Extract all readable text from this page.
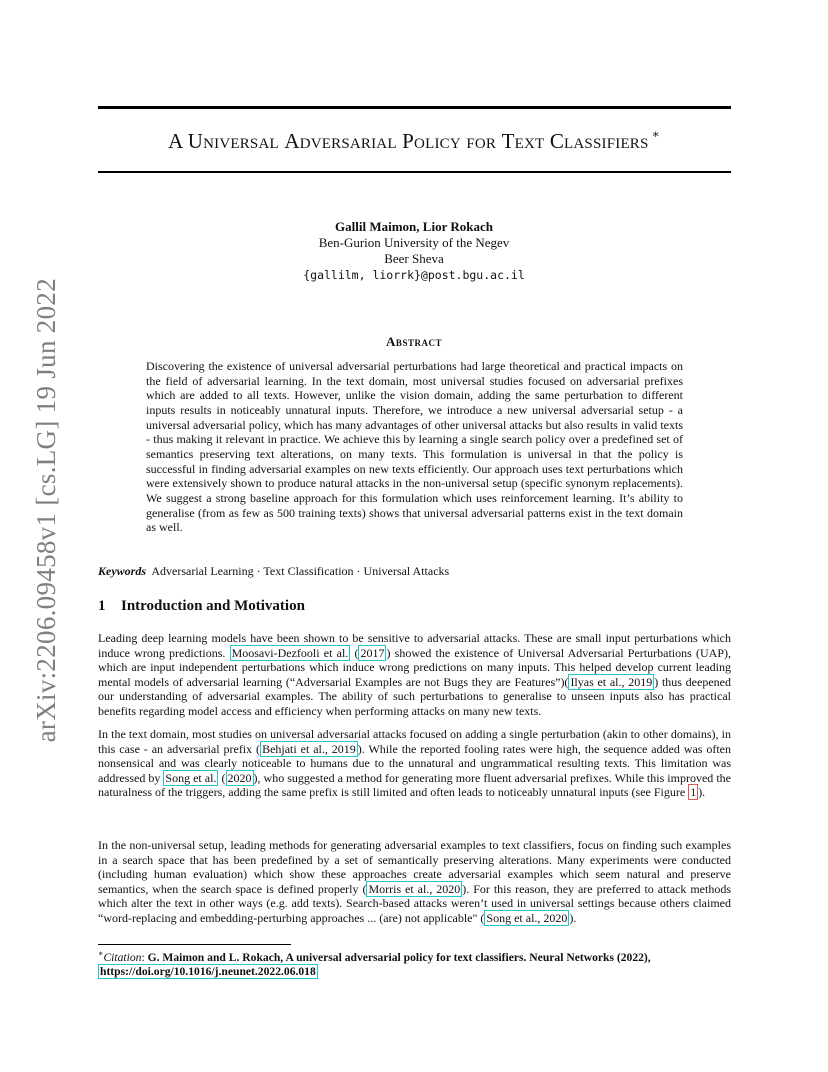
A Universal Adversarial Policy for Text Classifiers ∗
arXiv:2206.09458v1 [cs.LG] 19 Jun 2022
Gallil Maimon, Lior Rokach
Ben-Gurion University of the Negev
Beer Sheva
{gallilm, liorrk}@post.bgu.ac.il
Abstract

Discovering the existence of universal adversarial perturbations had large theoretical and practical impacts on the field of adversarial learning. In the text domain, most universal studies focused on adversarial prefixes which are added to all texts. However, unlike the vision domain, adding the same perturbation to different inputs results in noticeably unnatural inputs. Therefore, we introduce a new universal adversarial setup - a universal adversarial policy, which has many advantages of other universal attacks but also results in valid texts - thus making it relevant in practice. We achieve this by learning a single search policy over a predefined set of semantics preserving text alterations, on many texts. This formulation is universal in that the policy is successful in finding adversarial examples on new texts efficiently. Our approach uses text perturbations which were extensively shown to produce natural attacks in the non-universal setup (specific synonym replacements). We suggest a strong baseline approach for this formulation which uses reinforcement learning. It’s ability to generalise (from as few as 500 training texts) shows that universal adversarial patterns exist in the text domain as well.

Keywords Adversarial Learning · Text Classification · Universal Attacks
1 Introduction and Motivation

Leading deep learning models have been shown to be sensitive to adversarial attacks. These are small input perturbations which induce wrong predictions. Moosavi-Dezfooli et al. ( 2017 ) showed the existence of Universal Adversarial Perturbations (UAP), which are input independent perturbations which induce wrong predictions on many inputs. This helped develop current leading mental models of adversarial learning (“Adversarial Examples are not Bugs they are Features”)( Ilyas et al., 2019 ) thus deepened our understanding of adversarial examples. The ability of such perturbations to generalise to unseen inputs also has practical benefits regarding model access and efficiency when performing attacks on many new texts.

In the text domain, most studies on universal adversarial attacks focused on adding a single perturbation (akin to other domains), in this case - an adversarial prefix ( Behjati et al., 2019 ). While the reported fooling rates were high, the sequence added was often nonsensical and was clearly noticeable to humans due to the unnatural and ungrammatical resulting texts. This limitation was addressed by Song et al. ( 2020 ), who suggested a method for generating more fluent adversarial prefixes. While this improved the naturalness of the triggers, adding the same prefix is still limited and often leads to noticeably unnatural inputs (see Figure 1 ).

In the non-universal setup, leading methods for generating adversarial examples to text classifiers, focus on finding such examples in a search space that has been predefined by a set of semantically preserving alterations. Many experiments were conducted (including human evaluation) which show these approaches create adversarial examples which seem natural and preserve semantics, when the search space is defined properly ( Morris et al., 2020 ). For this reason, they are preferred to attack methods which alter the text in other ways (e.g. add texts). Search-based attacks weren’t used in universal settings because others claimed “word-replacing and embedding-perturbing approaches ... (are) not applicable" ( Song et al., 2020 ).

∗Citation: G. Maimon and L. Rokach, A universal adversarial policy for text classifiers. Neural Networks (2022),
https://doi.org/10.1016/j.neunet.2022.06.018
